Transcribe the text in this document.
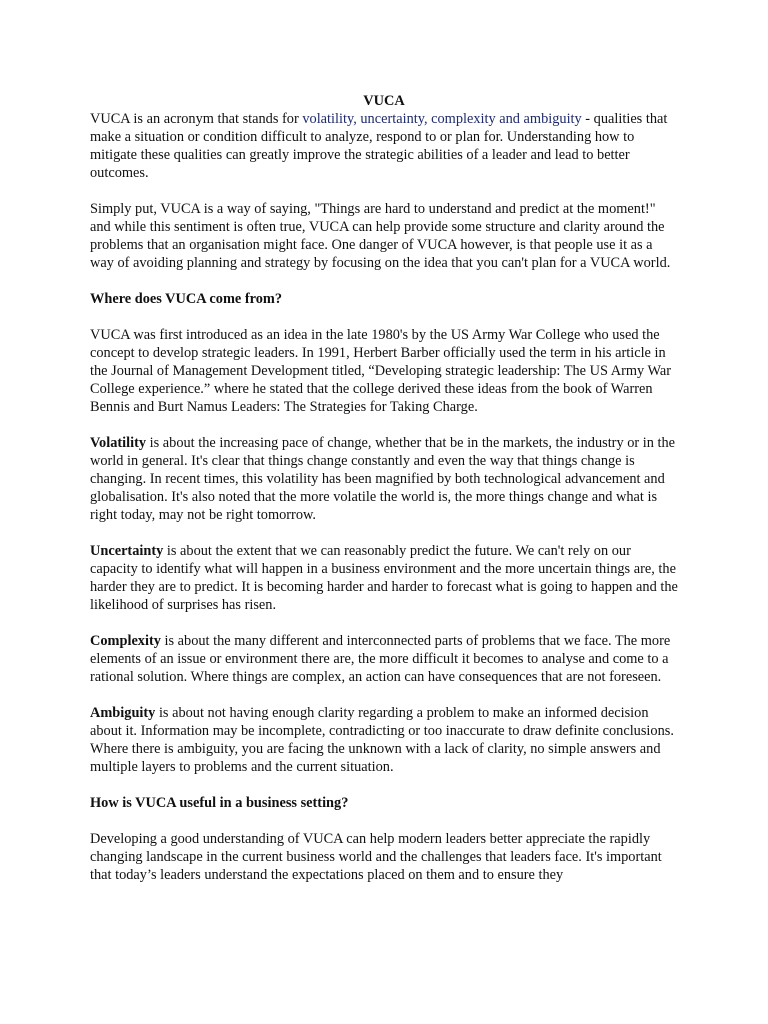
VUCA

VUCA is an acronym that stands for volatility, uncertainty, complexity and ambiguity - qualities that make a situation or condition difficult to analyze, respond to or plan for. Understanding how to mitigate these qualities can greatly improve the strategic abilities of a leader and lead to better outcomes.

Simply put, VUCA is a way of saying, "Things are hard to understand and predict at the moment!" and while this sentiment is often true, VUCA can help provide some structure and clarity around the problems that an organisation might face. One danger of VUCA however, is that people use it as a way of avoiding planning and strategy by focusing on the idea that you can't plan for a VUCA world.

Where does VUCA come from?

VUCA was first introduced as an idea in the late 1980's by the US Army War College who used the concept to develop strategic leaders. In 1991, Herbert Barber officially used the term in his article in the Journal of Management Development titled, “Developing strategic leadership: The US Army War College experience.” where he stated that the college derived these ideas from the book of Warren Bennis and Burt Namus Leaders: The Strategies for Taking Charge.

Volatility is about the increasing pace of change, whether that be in the markets, the industry or in the world in general. It's clear that things change constantly and even the way that things change is changing. In recent times, this volatility has been magnified by both technological advancement and globalisation. It's also noted that the more volatile the world is, the more things change and what is right today, may not be right tomorrow.

Uncertainty is about the extent that we can reasonably predict the future. We can't rely on our capacity to identify what will happen in a business environment and the more uncertain things are, the harder they are to predict. It is becoming harder and harder to forecast what is going to happen and the likelihood of surprises has risen.

Complexity is about the many different and interconnected parts of problems that we face. The more elements of an issue or environment there are, the more difficult it becomes to analyse and come to a rational solution. Where things are complex, an action can have consequences that are not foreseen.

Ambiguity is about not having enough clarity regarding a problem to make an informed decision about it. Information may be incomplete, contradicting or too inaccurate to draw definite conclusions. Where there is ambiguity, you are facing the unknown with a lack of clarity, no simple answers and multiple layers to problems and the current situation.

How is VUCA useful in a business setting?

Developing a good understanding of VUCA can help modern leaders better appreciate the rapidly changing landscape in the current business world and the challenges that leaders face. It's important that today’s leaders understand the expectations placed on them and to ensure they
